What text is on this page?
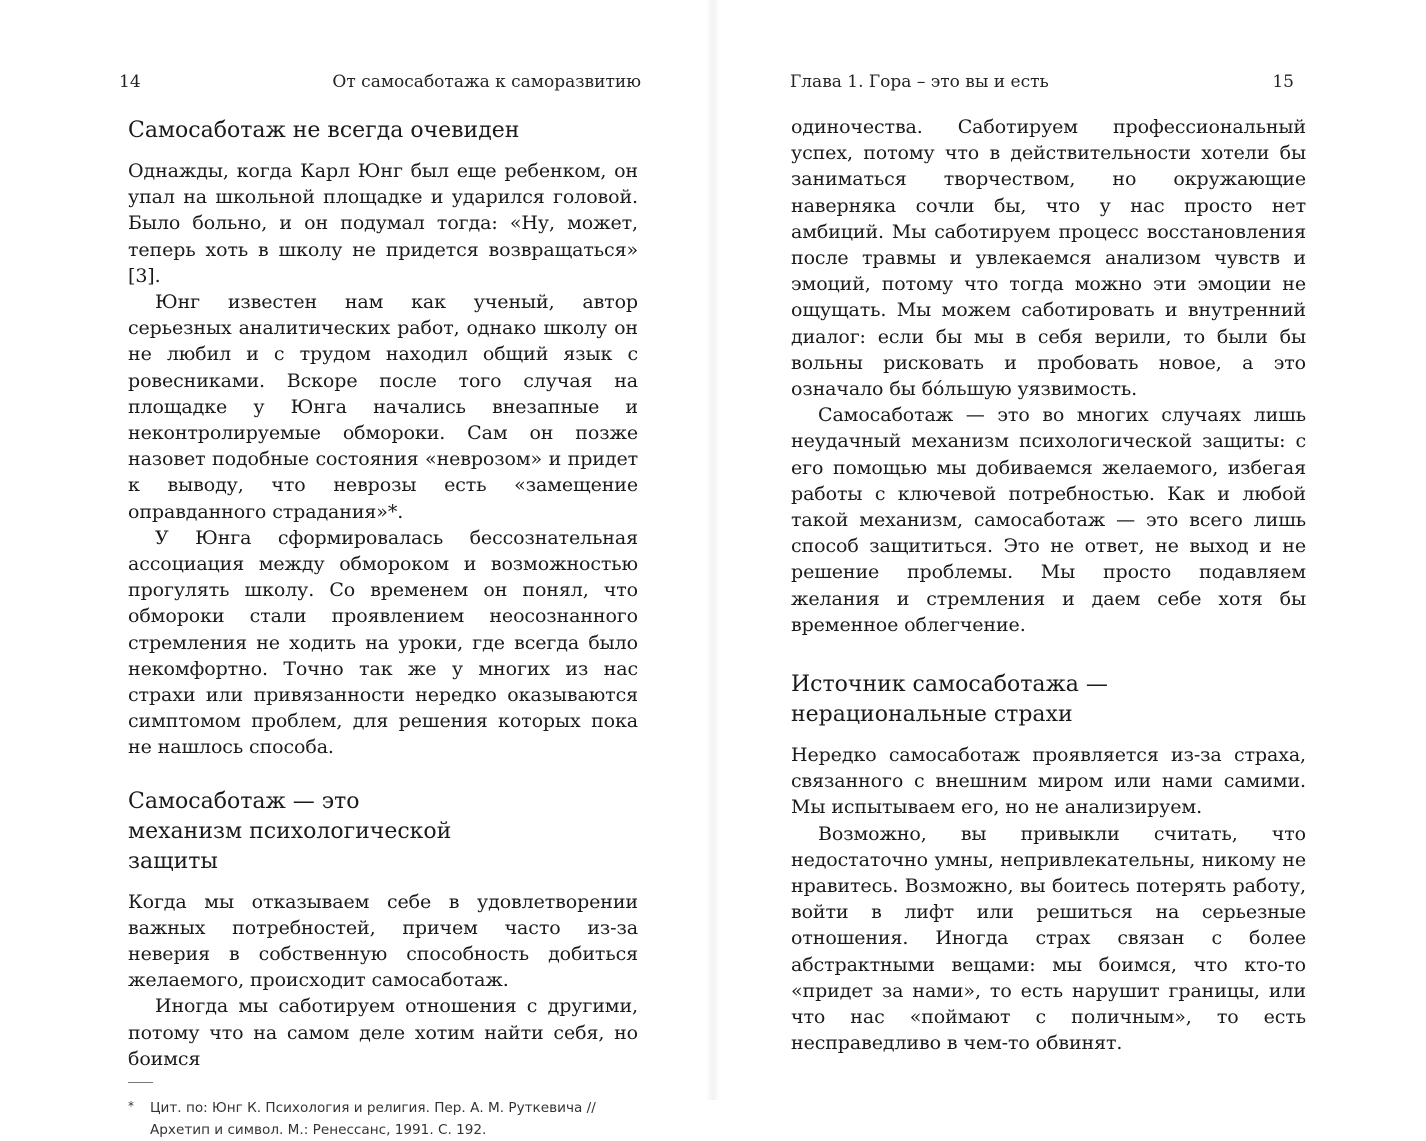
14	От самосаботажа к саморазвитию
Самосаботаж не всегда очевиден

Однажды, когда Карл Юнг был еще ребенком, он упал на школьной площадке и ударился головой. Было больно, и он подумал тогда: «Ну, может, теперь хоть в школу не придется возвращаться» [3].

Юнг известен нам как ученый, автор серьезных аналитических работ, однако школу он не любил и с трудом находил общий язык с ровесниками. Вскоре после того случая на площадке у Юнга начались внезапные и неконтролируемые обмороки. Сам он позже назовет подобные состояния «неврозом» и придет к выводу, что неврозы есть «замещение оправданного страдания»*.

У Юнга сформировалась бессознательная ассоциация между обмороком и возможностью прогулять школу. Со временем он понял, что обмороки стали проявлением неосознанного стремления не ходить на уроки, где всегда было некомфортно. Точно так же у многих из нас страхи или привязанности нередко оказываются симптомом проблем, для решения которых пока не нашлось способа.

Самосаботаж — это механизм психологической защиты

Когда мы отказываем себе в удовлетворении важных потребностей, причем часто из-за неверия в собственную способность добиться желаемого, происходит самосаботаж.

Иногда мы саботируем отношения с другими, потому что на самом деле хотим найти себя, но боимся

* Цит. по: Юнг К. Психология и религия. Пер. А. М. Руткевича // Архетип и символ. М.: Ренессанс, 1991. С. 192.
Глава 1. Гора – это вы и есть	15

одиночества. Саботируем профессиональный успех, потому что в действительности хотели бы заниматься творчеством, но окружающие наверняка сочли бы, что у нас просто нет амбиций. Мы саботируем процесс восстановления после травмы и увлекаемся анализом чувств и эмоций, потому что тогда можно эти эмоции не ощущать. Мы можем саботировать и внутренний диалог: если бы мы в себя верили, то были бы вольны рисковать и пробовать новое, а это означало бы бóльшую уязвимость.

Самосаботаж — это во многих случаях лишь неудачный механизм психологической защиты: с его помощью мы добиваемся желаемого, избегая работы с ключевой потребностью. Как и любой такой механизм, самосаботаж — это всего лишь способ защититься. Это не ответ, не выход и не решение проблемы. Мы просто подавляем желания и стремления и даем себе хотя бы временное облегчение.

Источник самосаботажа — нерациональные страхи

Нередко самосаботаж проявляется из-за страха, связанного с внешним миром или нами самими. Мы испытываем его, но не анализируем.

Возможно, вы привыкли считать, что недостаточно умны, непривлекательны, никому не нравитесь. Возможно, вы боитесь потерять работу, войти в лифт или решиться на серьезные отношения. Иногда страх связан с более абстрактными вещами: мы боимся, что кто-то «придет за нами», то есть нарушит границы, или что нас «поймают с поличным», то есть несправедливо в чем-то обвинят.
